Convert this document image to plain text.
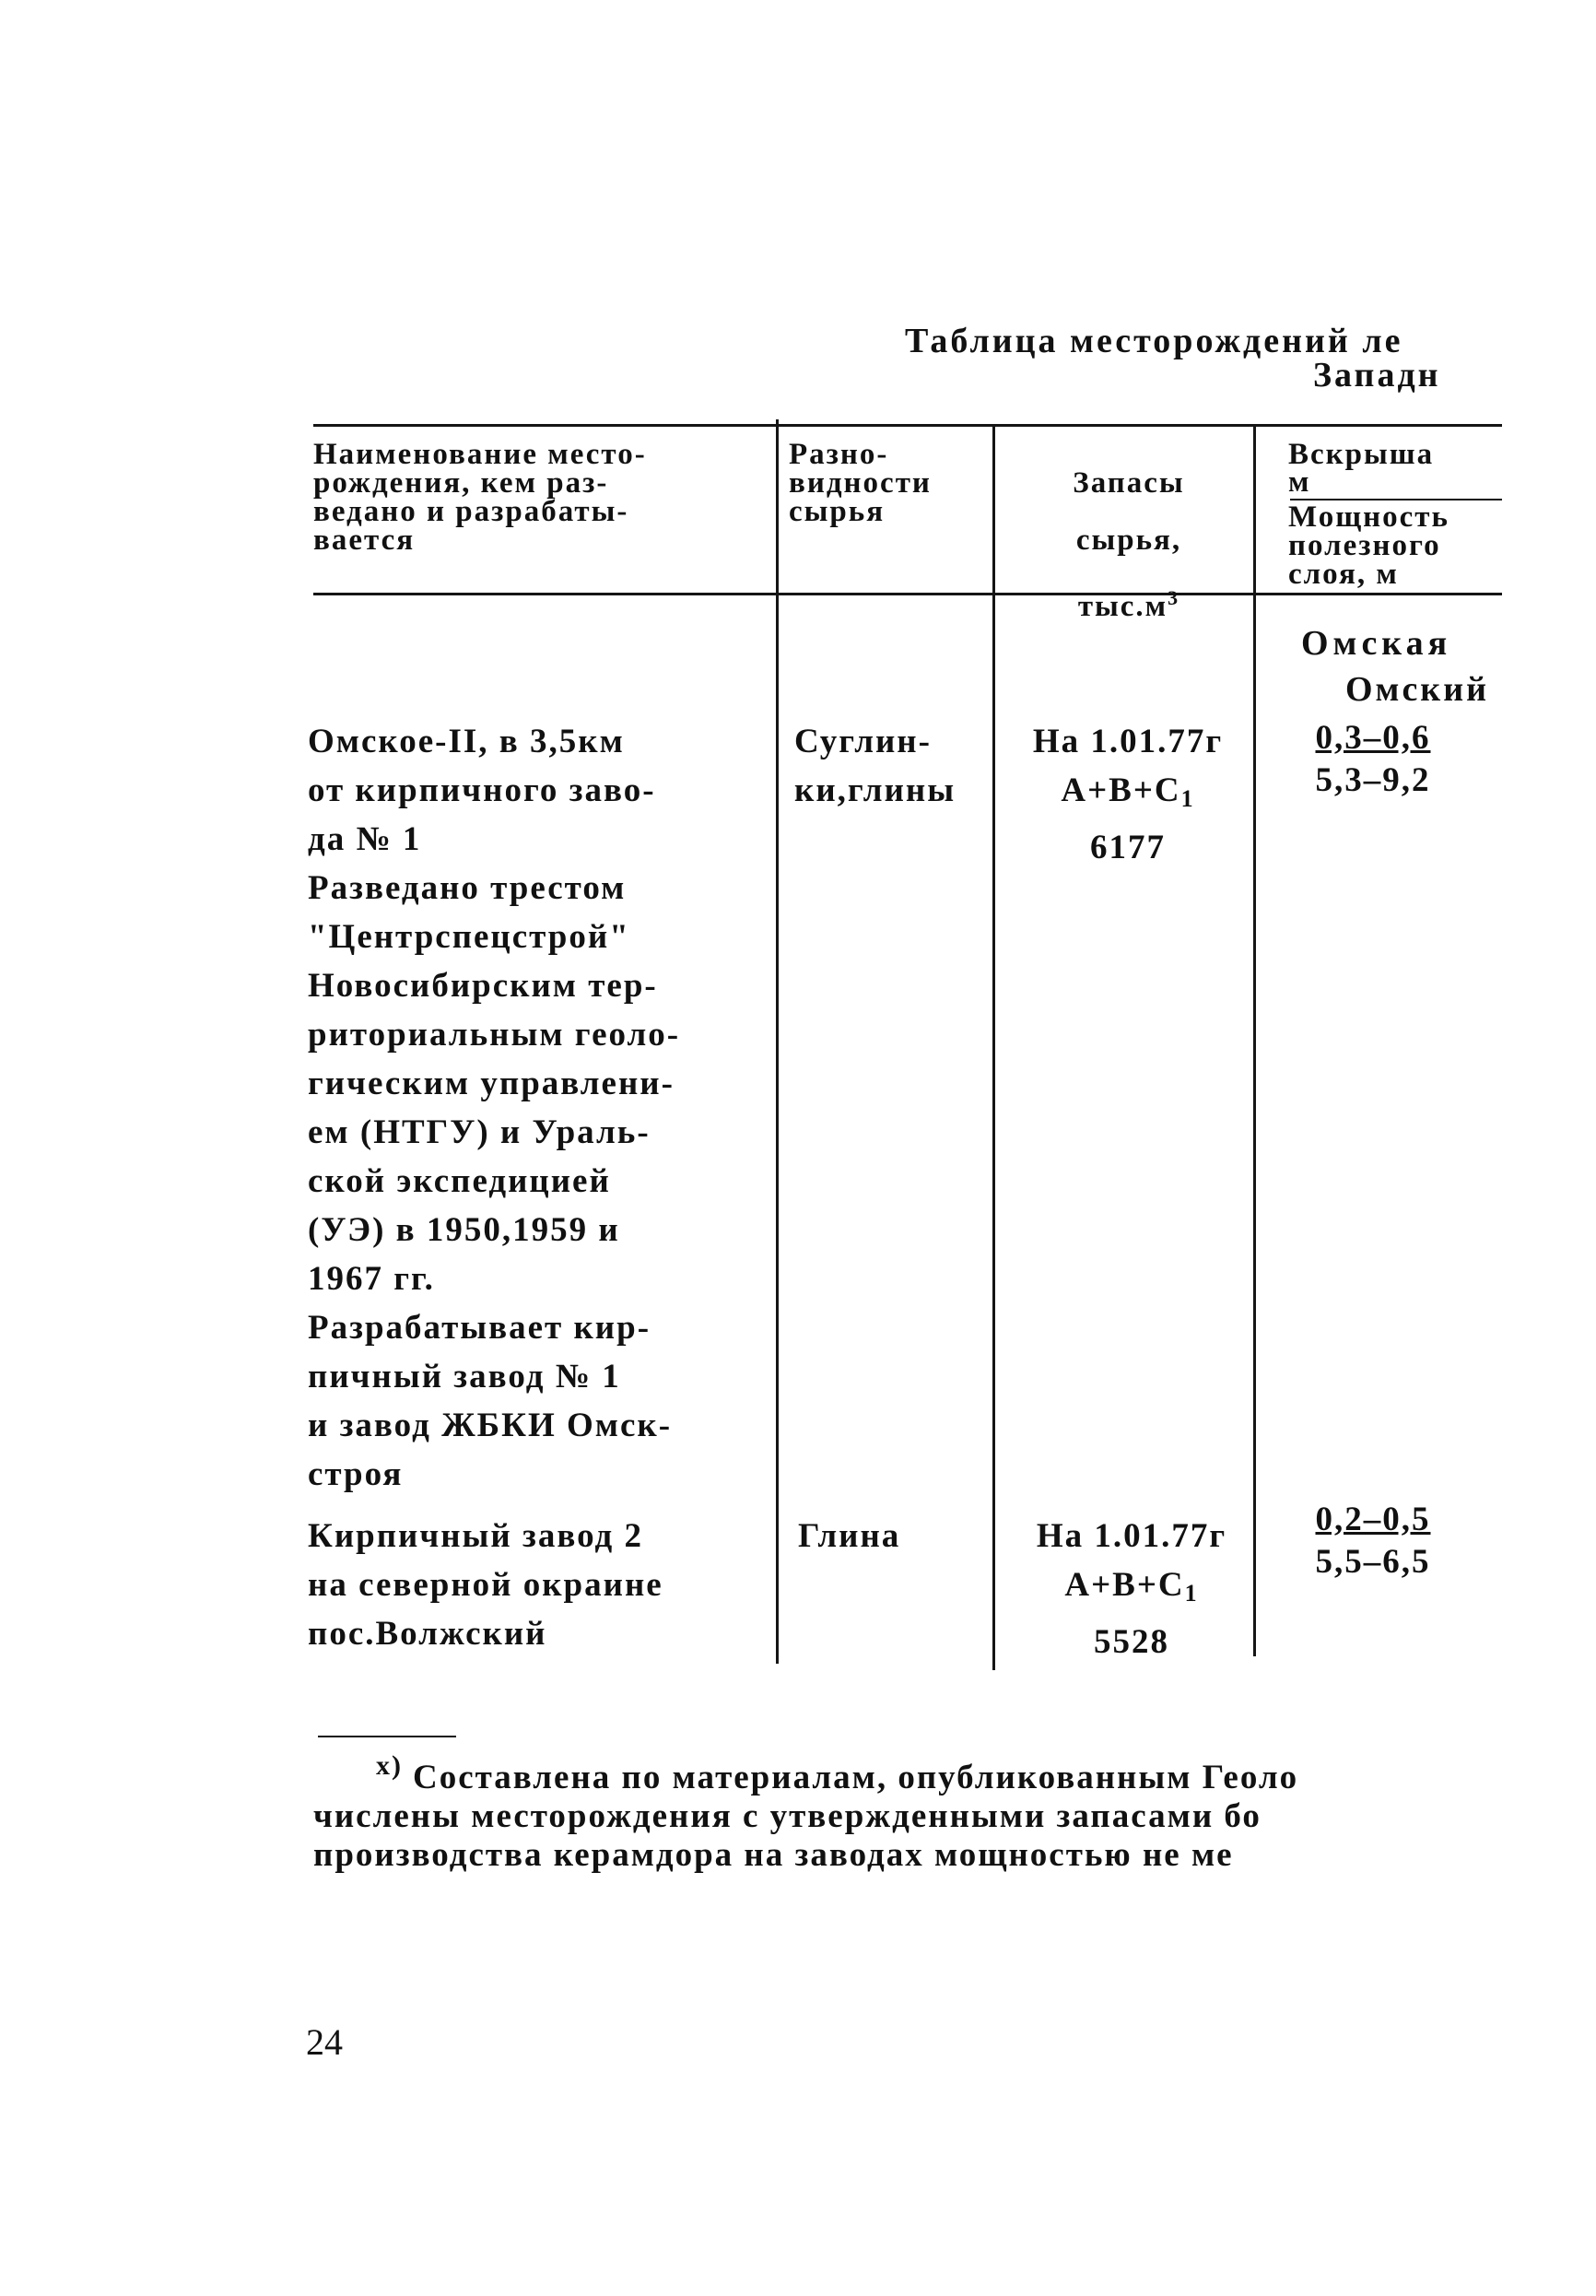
Таблица месторождений ле
Западн
Наименование место-
рождения, кем раз-
ведано и разрабаты-
вается
Разно-
видности
сырья

Запасы

сырья,

$тыс.м^3$

Вскрыша
м
Мощность
полезного
слоя, м
Омская
Омский
Омское-II, в 3,5км
от кирпичного заво-
да № 1
Разведано трестом
"Центрспецстрой"
Новосибирским тер-
риториальным геоло-
гическим управлени-
ем (НТГУ) и Ураль-
ской экспедицией
(УЭ) в 1950,1959 и
1967 гг.
Разрабатывает кир-
пичный завод № 1
и завод ЖБКИ Омск-
строя
Суглин-
ки,глины
На 1.01.77г
$А+В+С_1$
6177
$\frac{0,3-0,6}{5,3-9,2}$
Кирпичный завод 2
на северной окраине
пос.Волжский
Глина	На 1.01.77г
$А+В+С_1$
5528
$\frac{0,2-0,5}{5,5-6,5}$
x) Составлена по материалам, опубликованным Геоло
числены месторождения с утвержденными запасами бо
производства керамдора на заводах мощностью не ме
24
